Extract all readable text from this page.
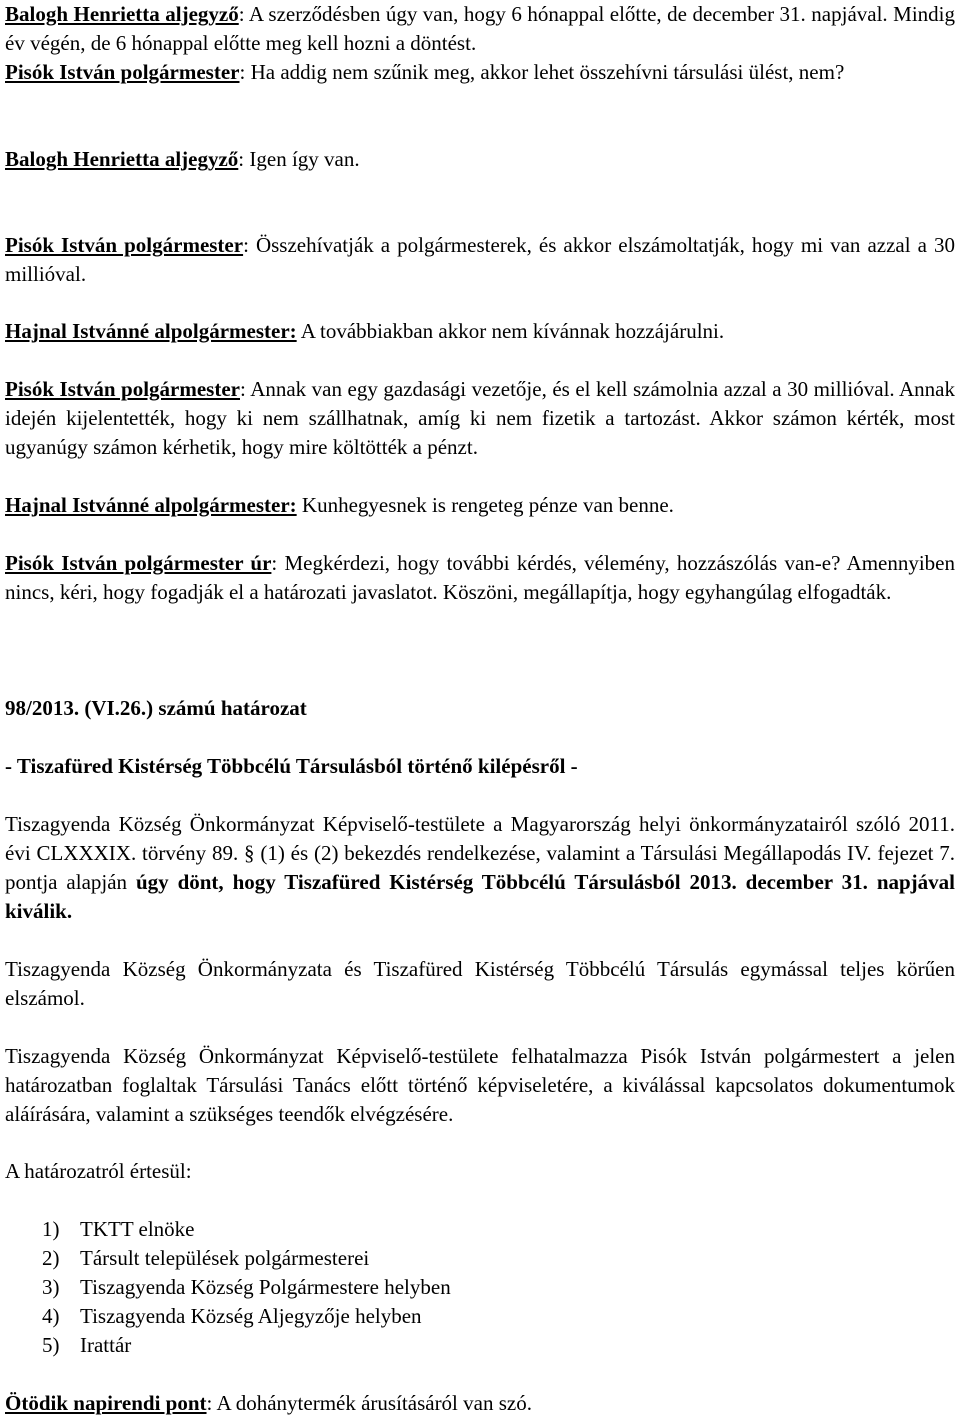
Balogh Henrietta aljegyző: A szerződésben úgy van, hogy 6 hónappal előtte, de december 31. napjával. Mindig év végén, de 6 hónappal előtte meg kell hozni a döntést.

Pisók István polgármester: Ha addig nem szűnik meg, akkor lehet összehívni társulási ülést, nem?

Balogh Henrietta aljegyző: Igen így van.

Pisók István polgármester: Összehívatják a polgármesterek, és akkor elszámoltatják, hogy mi van azzal a 30 millióval.

Hajnal Istvánné alpolgármester: A továbbiakban akkor nem kívánnak hozzájárulni.

Pisók István polgármester: Annak van egy gazdasági vezetője, és el kell számolnia azzal a 30 millióval. Annak idején kijelentették, hogy ki nem szállhatnak, amíg ki nem fizetik a tartozást. Akkor számon kérték, most ugyanúgy számon kérhetik, hogy mire költötték a pénzt.

Hajnal Istvánné alpolgármester: Kunhegyesnek is rengeteg pénze van benne.

Pisók István polgármester úr: Megkérdezi, hogy további kérdés, vélemény, hozzászólás van-e? Amennyiben nincs, kéri, hogy fogadják el a határozati javaslatot. Köszöni, megállapítja, hogy egyhangúlag elfogadták.

98/2013. (VI.26.) számú határozat

- Tiszafüred Kistérség Többcélú Társulásból történő kilépésről -

Tiszagyenda Község Önkormányzat Képviselő-testülete a Magyarország helyi önkormányzatairól szóló 2011. évi CLXXXIX. törvény 89. § (1) és (2) bekezdés rendelkezése, valamint a Társulási Megállapodás IV. fejezet 7. pontja alapján úgy dönt, hogy Tiszafüred Kistérség Többcélú Társulásból 2013. december 31. napjával kiválik.

Tiszagyenda Község Önkormányzata és Tiszafüred Kistérség Többcélú Társulás egymással teljes körűen elszámol.

Tiszagyenda Község Önkormányzat Képviselő-testülete felhatalmazza Pisók István polgármestert a jelen határozatban foglaltak Társulási Tanács előtt történő képviseletére, a kiválással kapcsolatos dokumentumok aláírására, valamint a szükséges teendők elvégzésére.

A határozatról értesül:

1) TKTT elnöke
2) Társult települések polgármesterei
3) Tiszagyenda Község Polgármestere helyben
4) Tiszagyenda Község Aljegyzője helyben
5) Irattár

Ötödik napirendi pont: A dohánytermék árusításáról van szó.
